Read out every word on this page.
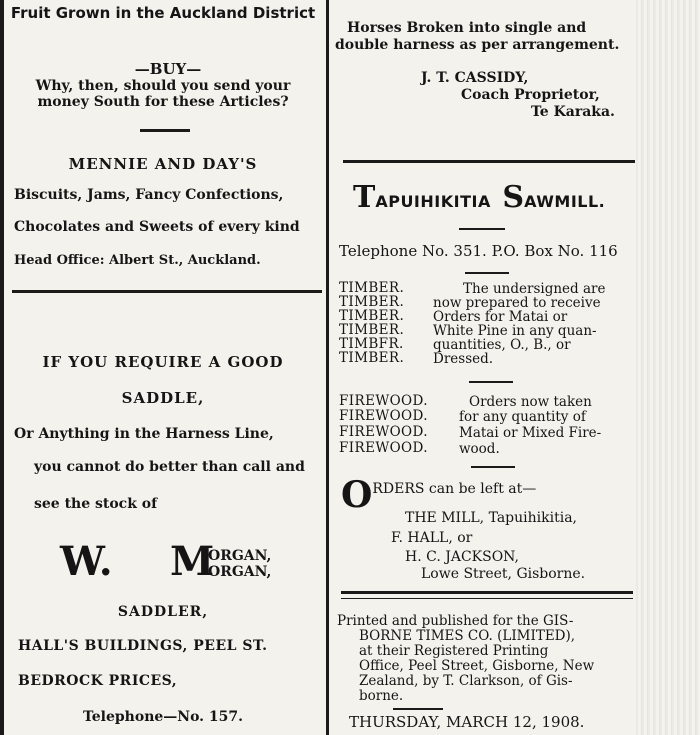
Fruit Grown in the Auckland District
—BUY—
Why, then, should you send your
money South for these Articles?
MENNIE AND DAY'S
Biscuits, Jams, Fancy Confections,
Chocolates and Sweets of every kind
Head Office: Albert St., Auckland.
IF YOU REQUIRE A GOOD
SADDLE,
Or Anything in the Harness Line,
you cannot do better than call and
see the stock of
W. M
ORGAN,
ORGAN,
SADDLER,
HALL'S BUILDINGS, PEEL ST.
BEDROCK PRICES,
Telephone—No. 157.
Horses Broken into single and
double harness as per arrangement.
J. T. CASSIDY,
Coach Proprietor,
Te Karaka.
TAPUIHIKITIA SAWMILL.
Telephone No. 351. P.O. Box No. 116
TIMBER.
TIMBER.
TIMBER.
TIMBER.
TIMBFR.
TIMBER.
The undersigned are
now prepared to receive
Orders for Matai or
White Pine in any quan-
quantities, O., B., or
Dressed.
FIREWOOD.
FIREWOOD.
FIREWOOD.
FIREWOOD.
Orders now taken
for any quantity of
Matai or Mixed Fire-
wood.
ORDERS can be left at—
THE MILL, Tapuihikitia,
F. HALL, or
H. C. JACKSON,
Lowe Street, Gisborne.
Printed and published for the GIS-
BORNE TIMES CO. (LIMITED),
at their Registered Printing
Office, Peel Street, Gisborne, New
Zealand, by T. Clarkson, of Gis-
borne.
THURSDAY, MARCH 12, 1908.
